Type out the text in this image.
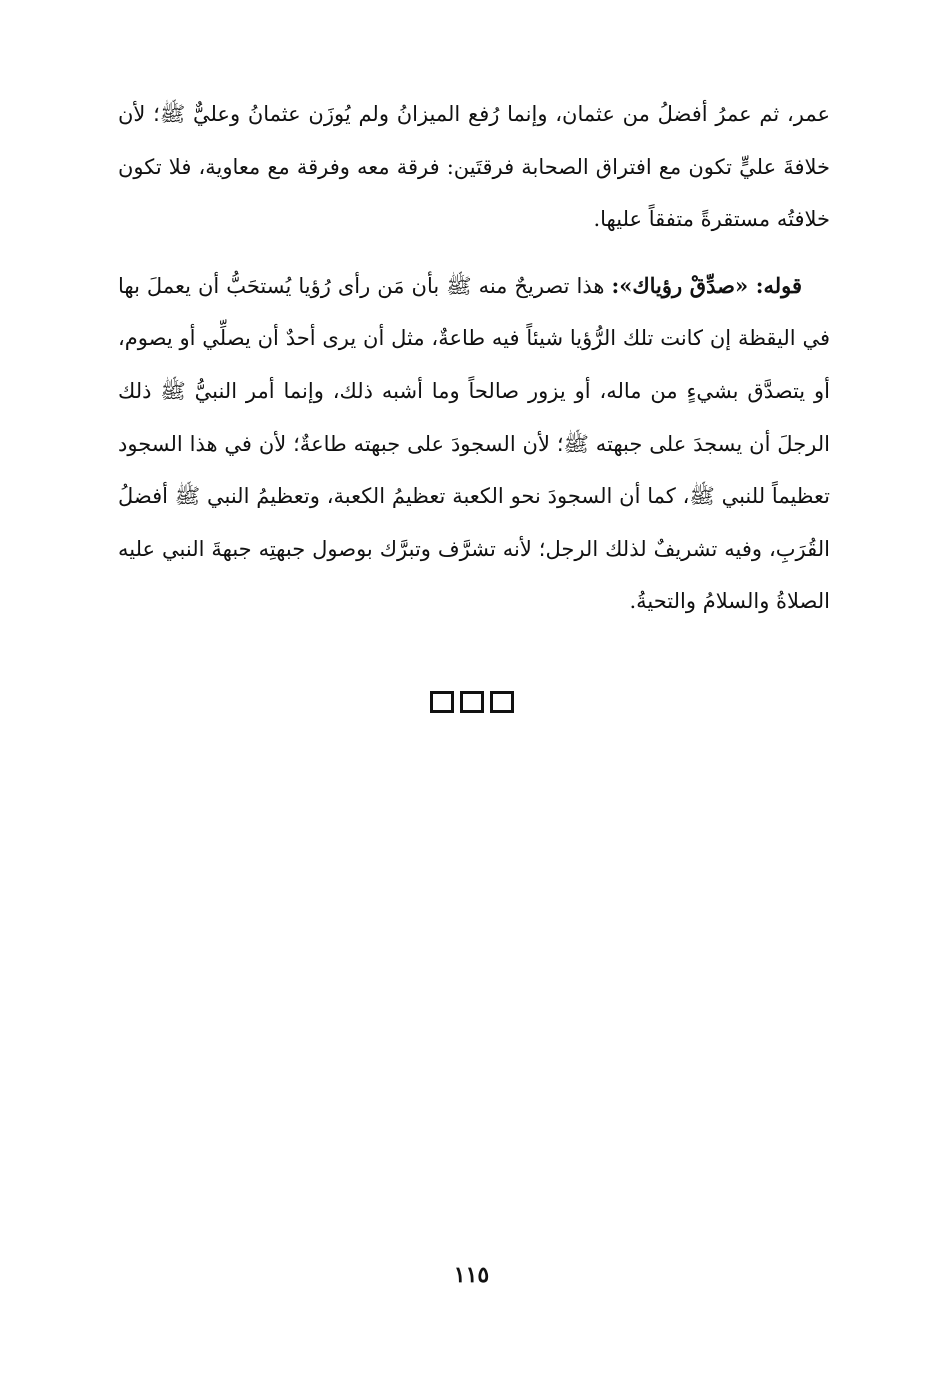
عمر، ثم عمرُ أفضلُ من عثمان، وإنما رُفع الميزانُ ولم يُوزَن عثمانُ وعليٌّ ﷺ؛ لأن خلافةَ عليٍّ تكون مع افتراق الصحابة فرقتَين: فرقة معه وفرقة مع معاوية، فلا تكون خلافتُه مستقرةً متفقاً عليها.

قوله: «صدِّقْ رؤياك»: هذا تصريحٌ منه ﷺ بأن مَن رأى رُؤيا يُستحَبُّ أن يعملَ بها في اليقظة إن كانت تلك الرُّؤيا شيئاً فيه طاعةٌ، مثل أن يرى أحدٌ أن يصلِّي أو يصوم، أو يتصدَّق بشيءٍ من ماله، أو يزور صالحاً وما أشبه ذلك، وإنما أمر النبيُّ ﷺ ذلك الرجلَ أن يسجدَ على جبهته ﷺ؛ لأن السجودَ على جبهته طاعةٌ؛ لأن في هذا السجود تعظيماً للنبي ﷺ، كما أن السجودَ نحو الكعبة تعظيمُ الكعبة، وتعظيمُ النبي ﷺ أفضلُ القُرَبِ، وفيه تشريفٌ لذلك الرجل؛ لأنه تشرَّف وتبرَّك بوصول جبهتِه جبهةَ النبي عليه الصلاةُ والسلامُ والتحيةُ.

١١٥
